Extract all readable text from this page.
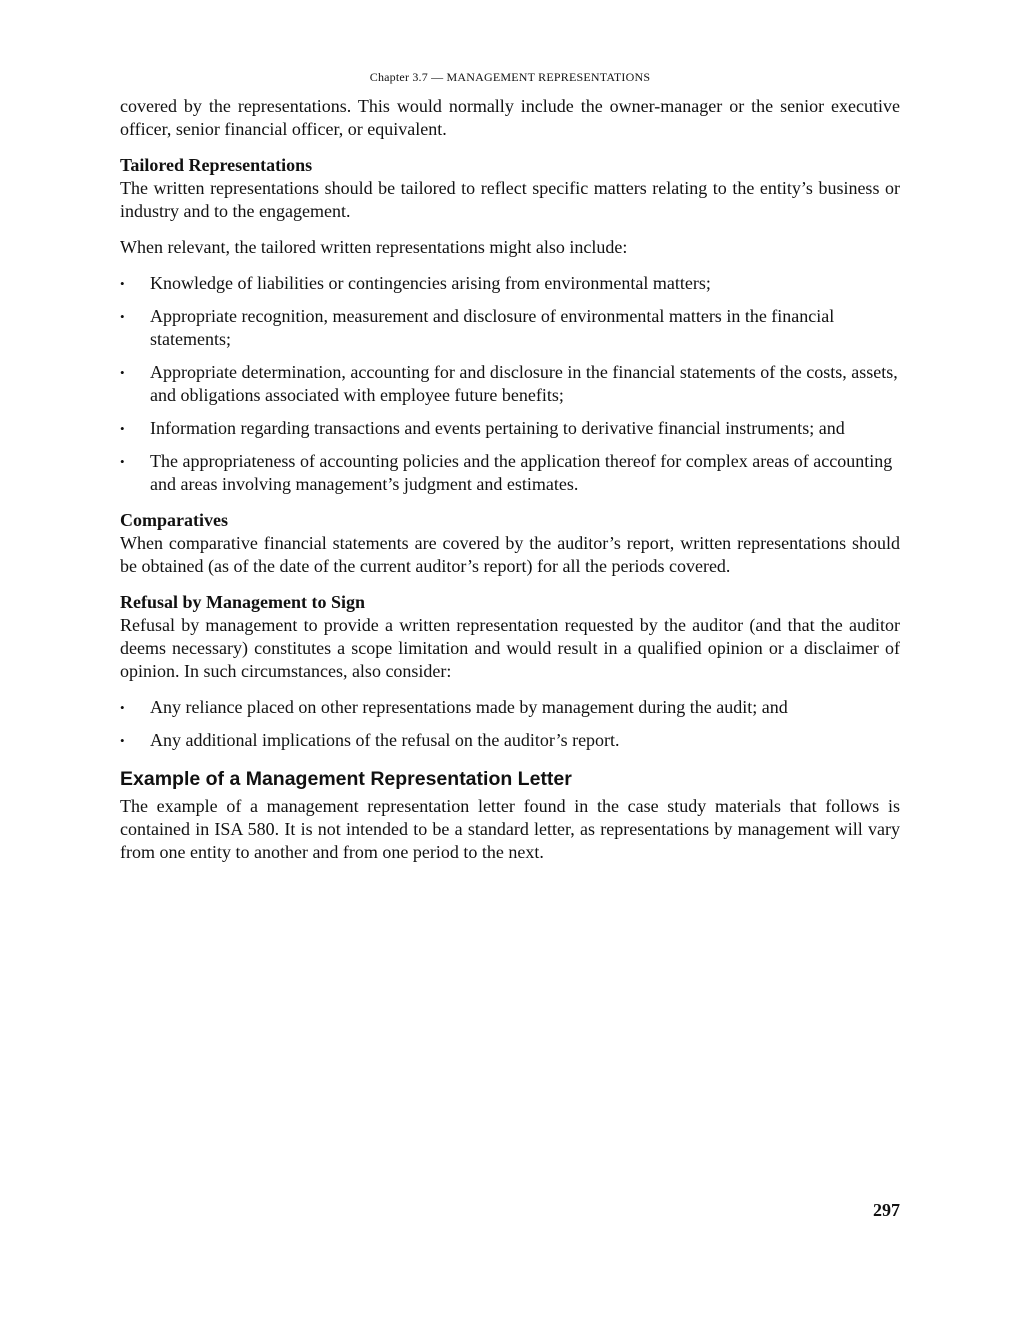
Chapter 3.7 — MANAGEMENT REPRESENTATIONS

covered by the representations. This would normally include the owner-manager or the senior executive officer, senior financial officer, or equivalent.

Tailored Representations

The written representations should be tailored to reflect specific matters relating to the entity’s business or industry and to the engagement.

When relevant, the tailored written representations might also include:

• Knowledge of liabilities or contingencies arising from environmental matters;
• Appropriate recognition, measurement and disclosure of environmental matters in the financial statements;
• Appropriate determination, accounting for and disclosure in the financial statements of the costs, assets, and obligations associated with employee future benefits;
• Information regarding transactions and events pertaining to derivative financial instruments; and
• The appropriateness of accounting policies and the application thereof for complex areas of accounting and areas involving management’s judgment and estimates.
Comparatives

When comparative financial statements are covered by the auditor’s report, written representations should be obtained (as of the date of the current auditor’s report) for all the periods covered.

Refusal by Management to Sign

Refusal by management to provide a written representation requested by the auditor (and that the auditor deems necessary) constitutes a scope limitation and would result in a qualified opinion or a disclaimer of opinion. In such circumstances, also consider:

• Any reliance placed on other representations made by management during the audit; and
• Any additional implications of the refusal on the auditor’s report.
Example of a Management Representation Letter

The example of a management representation letter found in the case study materials that follows is contained in ISA 580. It is not intended to be a standard letter, as representations by management will vary from one entity to another and from one period to the next.

297
